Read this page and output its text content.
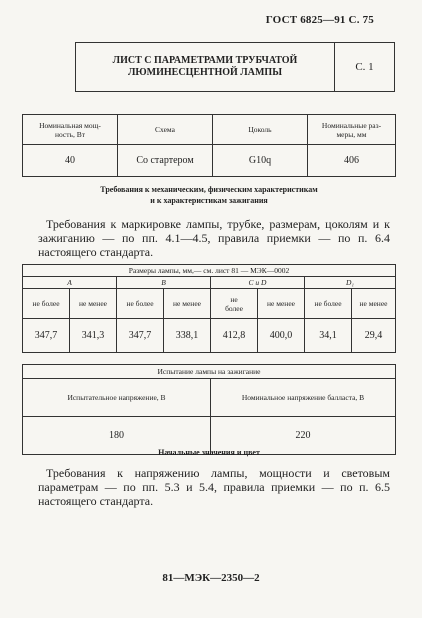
ГОСТ 6825—91 С. 75
ЛИСТ С ПАРАМЕТРАМИ ТРУБЧАТОЙ
ЛЮМИНЕСЦЕНТНОЙ ЛАМПЫ	С. 1
Номинальная мощ-
ность, Вт	Схема	Цоколь	Номинальные раз-
меры, мм
40	Со стартером	G10q	406
Требования к механическим, физическим характеристикам
и к характеристикам зажигания
Требования к маркировке лампы, трубке, размерам, цоколям и к зажиганию — по пп. 4.1—4.5, правила приемки — по п. 6.4 настоящего стандарта.
Размеры лампы, мм,— см. лист 81 — МЭК—0002							
A		B		C и D		D₁	
не более	не менее	не более	не менее	не
более	не менее	не более	не менее
347,7	341,3	347,7	338,1	412,8	400,0	34,1	29,4
Испытание лампы на зажигание	
Испытательное напряжение, В	Номинальное напряжение балласта, В
180	220
Начальные значения и цвет
Требования к напряжению лампы, мощности и световым параметрам — по пп. 5.3 и 5.4, правила приемки — по п. 6.5 настоящего стандарта.
81—МЭК—2350—2
